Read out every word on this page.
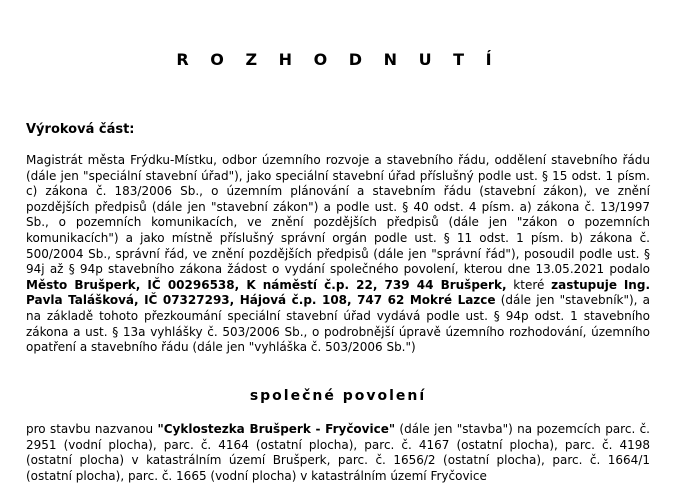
R O Z H O D N U T Í
Výroková část:
Magistrát města Frýdku-Místku, odbor územního rozvoje a stavebního řádu, oddělení stavebního řádu (dále jen "speciální stavební úřad"), jako speciální stavební úřad příslušný podle ust. § 15 odst. 1 písm. c) zákona č. 183/2006 Sb., o územním plánování a stavebním řádu (stavební zákon), ve znění pozdějších předpisů (dále jen "stavební zákon") a podle ust. § 40 odst. 4 písm. a) zákona č. 13/1997 Sb., o pozemních komunikacích, ve znění pozdějších předpisů (dále jen "zákon o pozemních komunikacích") a jako místně příslušný správní orgán podle ust. § 11 odst. 1 písm. b) zákona č. 500/2004 Sb., správní řád, ve znění pozdějších předpisů (dále jen "správní řád"), posoudil podle ust. § 94j až § 94p stavebního zákona žádost o vydání společného povolení, kterou dne 13.05.2021 podalo Město Brušperk, IČ 00296538, K náměstí č.p. 22, 739 44 Brušperk, které zastupuje Ing. Pavla Talášková, IČ 07327293, Hájová č.p. 108, 747 62 Mokré Lazce (dále jen "stavebník"), a na základě tohoto přezkoumání speciální stavební úřad vydává podle ust. § 94p odst. 1 stavebního zákona a ust. § 13a vyhlášky č. 503/2006 Sb., o podrobnější úpravě územního rozhodování, územního opatření a stavebního řádu (dále jen "vyhláška č. 503/2006 Sb.")
společné povolení
pro stavbu nazvanou "Cyklostezka Brušperk - Fryčovice" (dále jen "stavba") na pozemcích parc. č. 2951 (vodní plocha), parc. č. 4164 (ostatní plocha), parc. č. 4167 (ostatní plocha), parc. č. 4198 (ostatní plocha) v katastrálním území Brušperk, parc. č. 1656/2 (ostatní plocha), parc. č. 1664/1 (ostatní plocha), parc. č. 1665 (vodní plocha) v katastrálním území Fryčovice
